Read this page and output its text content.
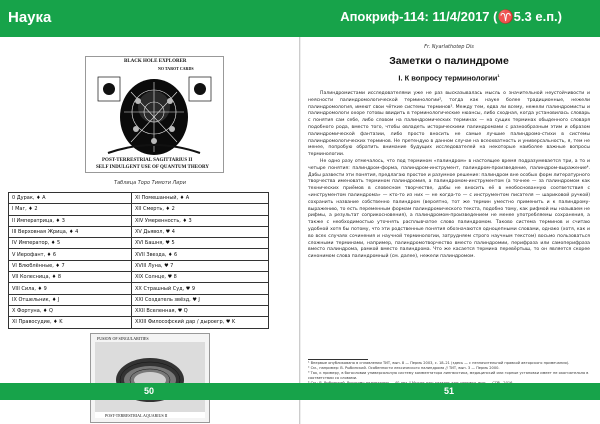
Наука	Апокриф-114: 11/4/2017 (♈5.3 е.п.)
BLACK HOLE EXPLORER
NO TAROT CARDS
POST-TERRESTRIAL SAGITTARIUS II
SELF INDULGENT USE OF QUANTUM THEORY
Таблица Торо Тимоти Лири
0 Дурак, ♦ A	XI Помешанный, ♦ A
I Маг, ♦ 2	XII Смерть, ♦ 2
II Императрица, ♦ 3	XIV Умеренность, ♦ 3
III Верховная Жрица, ♦ 4	XV Дьявол, ♥ 4
IV Император, ♦ 5	XVI Башня, ♥ 5
V Иерофант, ♦ 6	XVII Звезда, ♦ 6
VI Влюблённые, ♦ 7	XVIII Луна, ♥ 7
VII Колесница, ♦ 8	XIX Солнце, ♥ 8
VIII Сила, ♦ 9	XX Страшный Суд, ♥ 9
IX Отшельник, ♦ J	XXI Создатель звёзд, ♥ J
X Фортуна, ♦ Q	XXII Вселенная, ♥ Q
XI Правосудие, ♦ K	XXIII Философский дар / дыроегр, ♥ K
FUSION OF SINGULARITIES
POST-TERRESTRIAL AQUARIUS II
Fr. Nyarlathotep Dis
Заметки о палиндроме
I. К вопросу терминологии$^1$

Палиндромистами исследователями уже не раз высказывалась мысль о значительной неустойчивости и неясности палиндромологической терминологии², тогда как науке более традиционные, нежели палиндромология, имеют свои чёткие системы терминов³. Между тем, едва ли всему, нежели палиндромисты и палиндромологи охоре готовы ввидить в терминологические нюансы, либо сходная, когда установилась словарь с понятия сам себе, либо словом на палиндромических терминах — на сущих терминах обыденного словаря подобного рода, вместо того, чтобы овладеть историческими палиндромами с разнообразным этим и образом палиндромической фантазии, либо просто вносить не самые лучшие палиндромо-стихи в системы палиндромологических терминов. Не претендую в данном случае на всеохватность и универсальность, я, тем не менее, попробую обратить внимание будущих исследователей на некоторые наиболее важные вопросы терминологии.

Не одно разу отмечалось, что под термином «палиндром» в настоящее время подразумевается три, а то и четыре понятия: палиндром-форма, палиндром-инструмент, палиндром-произведение, палиндром-выражение⁴. Дабы развести эти понятия, предлагаю простое и разумное решение: палиндром вне особых форм литературного творчества именовать термином палиндромия, а палиндромом-инструментом (а точнее — за палиндромом как технических приёмов в словесном творчестве, дабы не вносить её в необоснованную соответствия с «инструментом палиндрома» — кто-то из них — не когда-то — с инструментом писателя — шариковой ручкой) сохранить название собственно палиндром (вероятно, тот же термин уместно применить и к палиндрому-выражению, то есть переменным формам палиндромического текста, подобно тому, как рифмой мы называем не рифмы, а результат соприкосновения), а палиндромом-произведением не менее употребляемы сохранения, а также с необходимостью уточнять расплывчатое слово палиндромом. Таково система терминов и считаю удобной хотя бы потому, что эти родственные понятия обозначаются одноцепными словами, однако (хотя, как и во всех случаях сочинения и научной терминологии, затрудняем строго научным текстом) восьмо пользоваться сложными терминами, например, палиндромотворчество вместо палиндромии, перифраза или самоперифраза вместо палиндрома, рамкой вместо палиндрома. Что же касается термина перевёртыш, то он является скорее синонимом слова палиндромный (см. далее), нежели палиндромом.

¹ Впервые опубликовано в сплавлении ТИТ, вып. 8 — Пермь 2003, с. 18–21 (здесь — с незначительной правкой авторского примечания).
² См., например: В. Рыбинский. Особенности лексического палиндрома // ТИТ, вып. 3 — Пермь 2000.
³ Так, к примеру, в богословии универсальную систему комментатора лингвистика, медицинский или горные установки имеет не окончательно в соответствии со словами.
50	51
